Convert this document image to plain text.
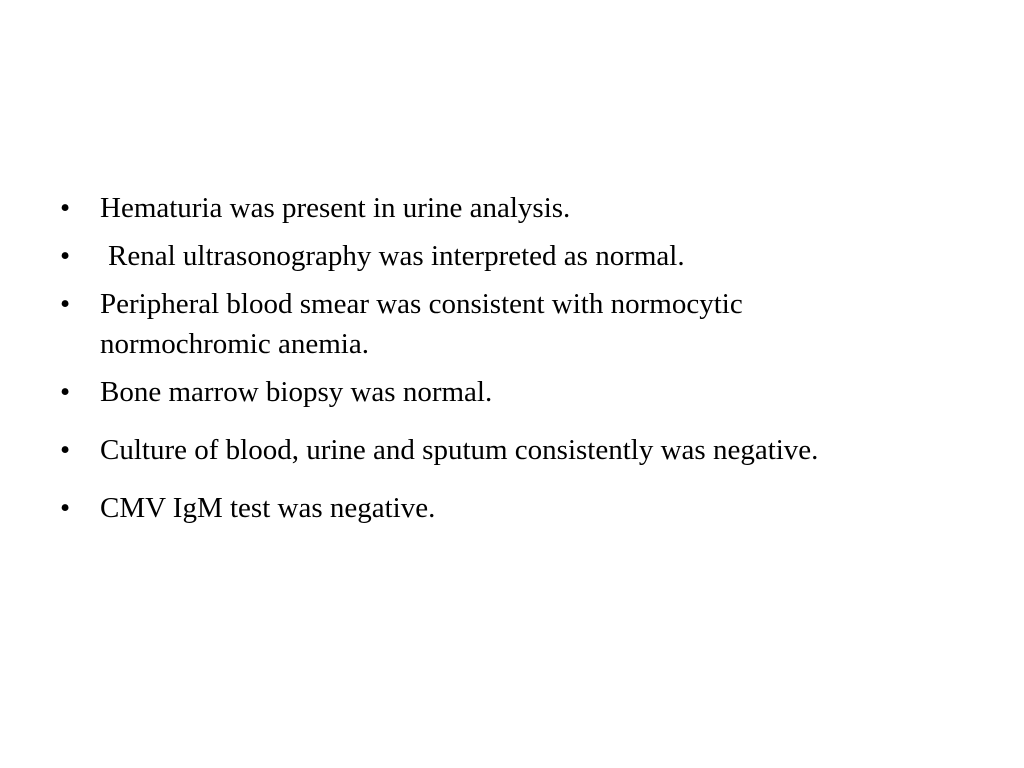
•	Hematuria was present in urine analysis.
•	Renal ultrasonography was interpreted as normal.
•	Peripheral blood smear was consistent with normocytic normochromic anemia.
•	Bone marrow biopsy was normal.
•	Culture of blood, urine and sputum consistently was negative.
•	CMV IgM test was negative.
